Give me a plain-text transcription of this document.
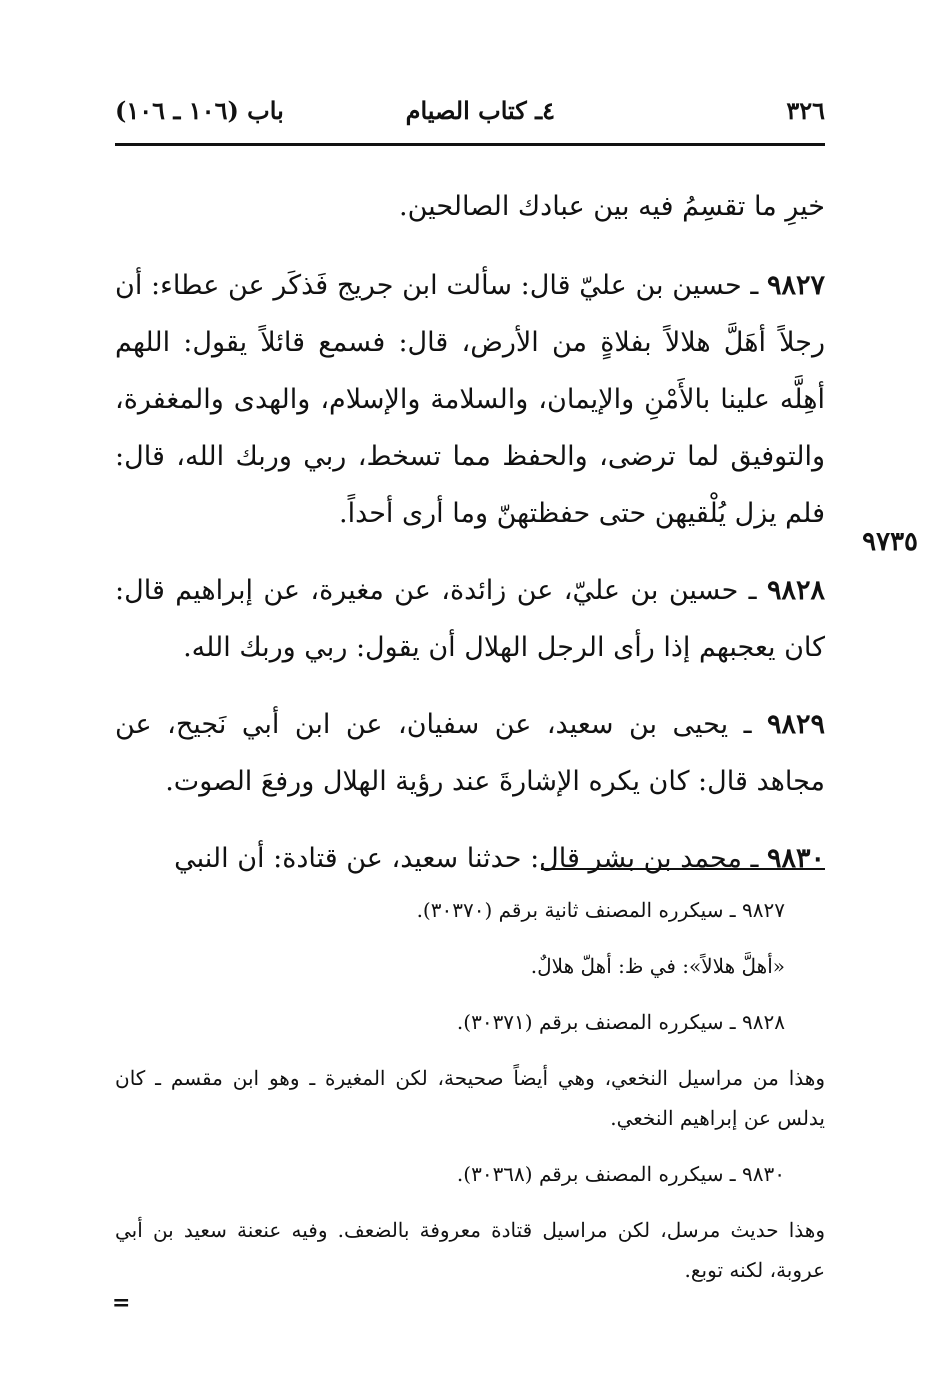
٣٢٦
٤ـ كتاب الصيام
باب (١٠٦ ـ ١٠٦)
٩٧٣٥

خيرِ ما تقسِمُ فيه بين عبادك الصالحين.

٩٨٢٧ ـ حسين بن عليّ قال: سألت ابن جريج فَذكَر عن عطاء: أن رجلاً أهَلَّ هلالاً بفلاةٍ من الأرض، قال: فسمع قائلاً يقول: اللهم أهِلَّه علينا بالأَمْنِ والإيمان، والسلامة والإسلام، والهدى والمغفرة، والتوفيق لما ترضى، والحفظ مما تسخط، ربي وربك الله، قال: فلم يزل يُلْقيهن حتى حفظتهنّ وما أرى أحداً.

٩٨٢٨ ـ حسين بن عليّ، عن زائدة، عن مغيرة، عن إبراهيم قال: كان يعجبهم إذا رأى الرجل الهلال أن يقول: ربي وربك الله.

٩٨٢٩ ـ يحيى بن سعيد، عن سفيان، عن ابن أبي نَجيح، عن مجاهد قال: كان يكره الإشارةَ عند رؤية الهلال ورفعَ الصوت.

٩٨٣٠ ـ محمد بن بشر قال: حدثنا سعيد، عن قتادة: أن النبي

٩٨٢٧ ـ سيكرره المصنف ثانية برقم (٣٠٣٧٠).

«أهلَّ هلالاً»: في ظ: أهلّ هلالٌ.

٩٨٢٨ ـ سيكرره المصنف برقم (٣٠٣٧١).

وهذا من مراسيل النخعي، وهي أيضاً صحيحة، لكن المغيرة ـ وهو ابن مقسم ـ كان يدلس عن إبراهيم النخعي.

٩٨٣٠ ـ سيكرره المصنف برقم (٣٠٣٦٨).

وهذا حديث مرسل، لكن مراسيل قتادة معروفة بالضعف. وفيه عنعنة سعيد بن أبي عروبة، لكنه توبع.

=
